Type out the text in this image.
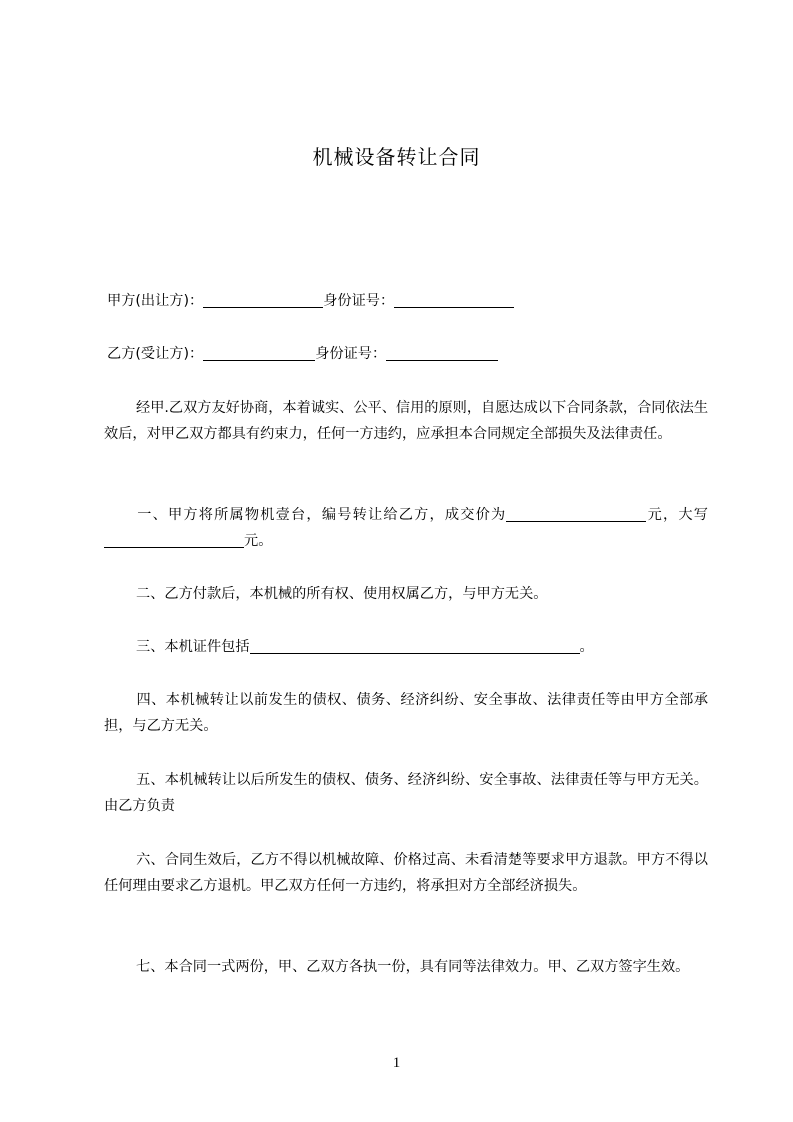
机械设备转让合同
甲方(出让方)：	身份证号：
乙方(受让方)：	身份证号：
经甲.乙双方友好协商，本着诚实、公平、信用的原则，自愿达成以下合同条款，合同依法生效后，对甲乙双方都具有约束力，任何一方违约，应承担本合同规定全部损失及法律责任。
一、甲方将所属物机壹台，编号转让给乙方，成交价为	元，大写元。
二、乙方付款后，本机械的所有权、使用权属乙方，与甲方无关。
三、本机证件包括	。
四、本机械转让以前发生的债权、债务、经济纠纷、安全事故、法律责任等由甲方全部承担，与乙方无关。
五、本机械转让以后所发生的债权、债务、经济纠纷、安全事故、法律责任等与甲方无关。由乙方负责
六、合同生效后，乙方不得以机械故障、价格过高、未看清楚等要求甲方退款。甲方不得以任何理由要求乙方退机。甲乙双方任何一方违约，将承担对方全部经济损失。
七、本合同一式两份，甲、乙双方各执一份，具有同等法律效力。甲、乙双方签字生效。
1
